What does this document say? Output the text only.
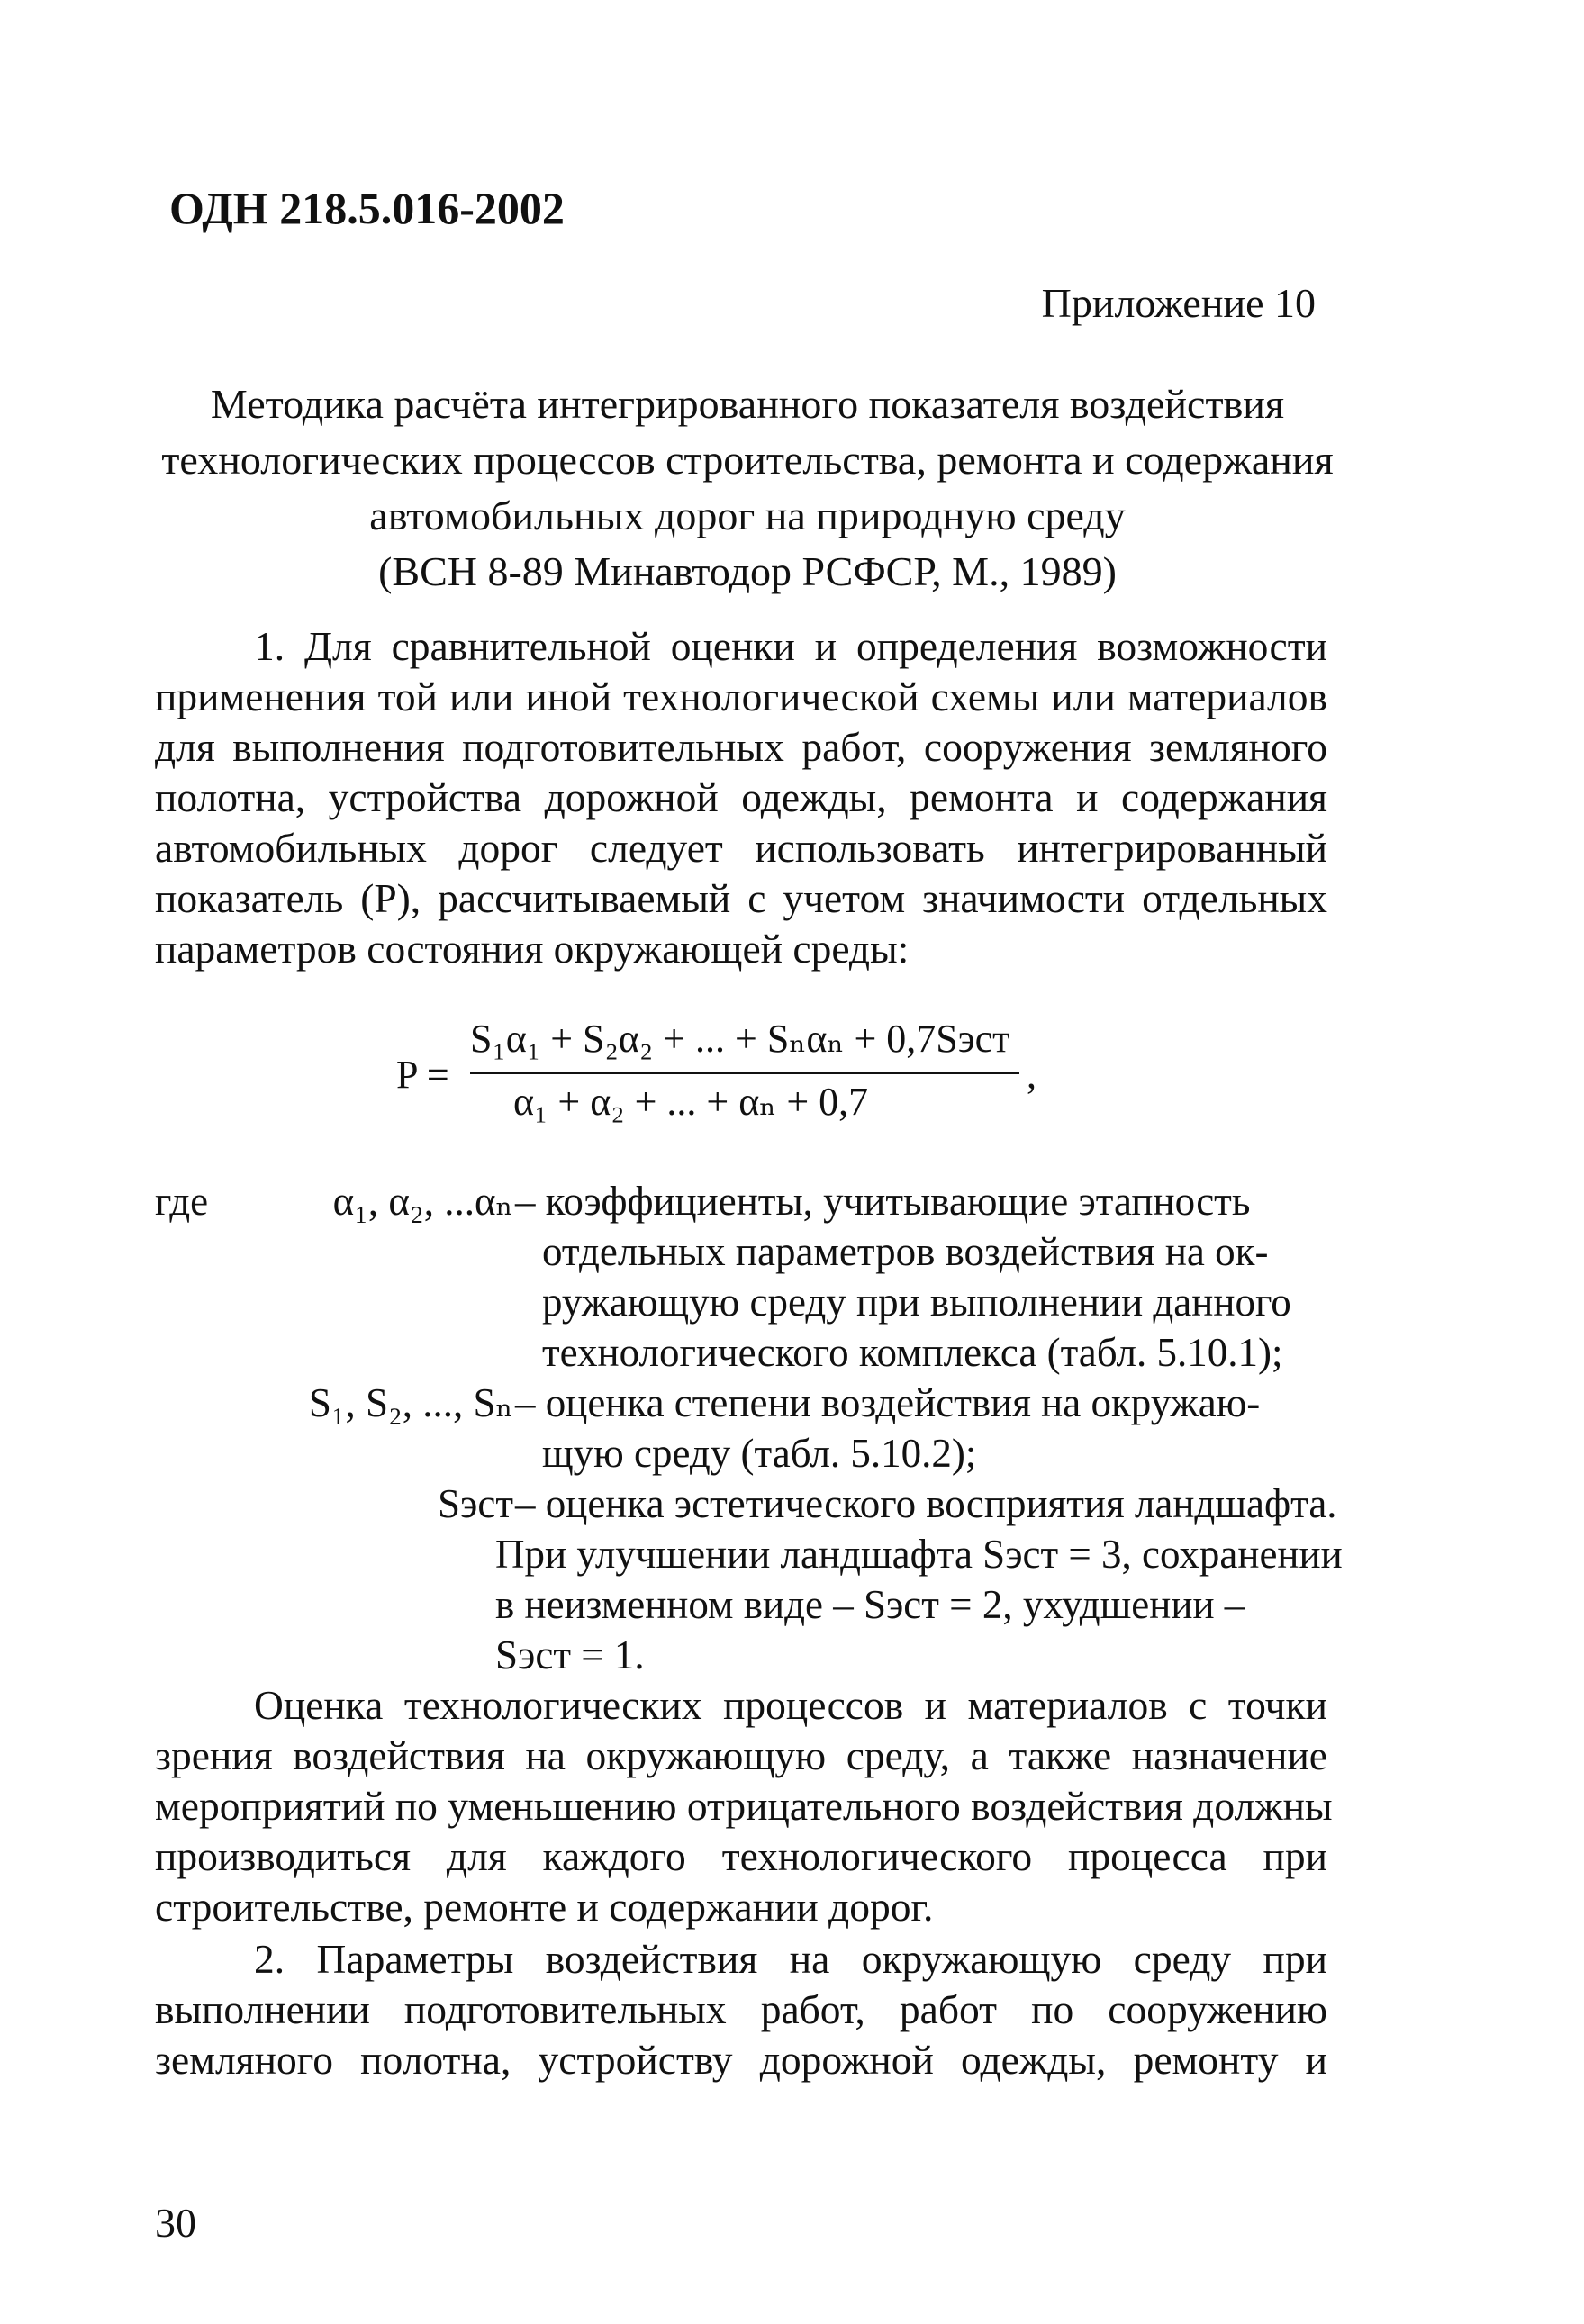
ОДН 218.5.016-2002
Приложение 10
Методика расчёта интегрированного показателя воздействия
технологических процессов строительства, ремонта и содержания
автомобильных дорог на природную среду
(ВСН 8-89 Минавтодор РСФСР, М., 1989)
1. Для сравнительной оценки и определения возможности
применения той или иной технологической схемы или материалов
для выполнения подготовительных работ, сооружения земляного
полотна, устройства дорожной одежды, ремонта и содержания
автомобильных дорог следует использовать интегрированный
показатель (Р), рассчитываемый с учетом значимости отдельных
параметров состояния окружающей среды:
P =
S₁α₁ + S₂α₂ + ... + Sₙαₙ + 0,7Sэст
α₁ + α₂ + ... + αₙ + 0,7
,
где	α₁, α₂, ...αₙ – коэффициенты, учитывающие этапность
отдельных параметров воздействия на ок-
ружающую среду при выполнении данного
технологического комплекса (табл. 5.10.1);
S₁, S₂, ..., Sₙ – оценка степени воздействия на окружаю-
щую среду (табл. 5.10.2);
Sэст – оценка эстетического восприятия ландшафта.
При улучшении ландшафта Sэст = 3, сохранении
в неизменном виде – Sэст = 2, ухудшении –
Sэст = 1.
Оценка технологических процессов и материалов с точки
зрения воздействия на окружающую среду, а также назначение
мероприятий по уменьшению отрицательного воздействия должны
производиться для каждого технологического процесса при
строительстве, ремонте и содержании дорог.
2. Параметры воздействия на окружающую среду при
выполнении подготовительных работ, работ по сооружению
земляного полотна, устройству дорожной одежды, ремонту и
30
